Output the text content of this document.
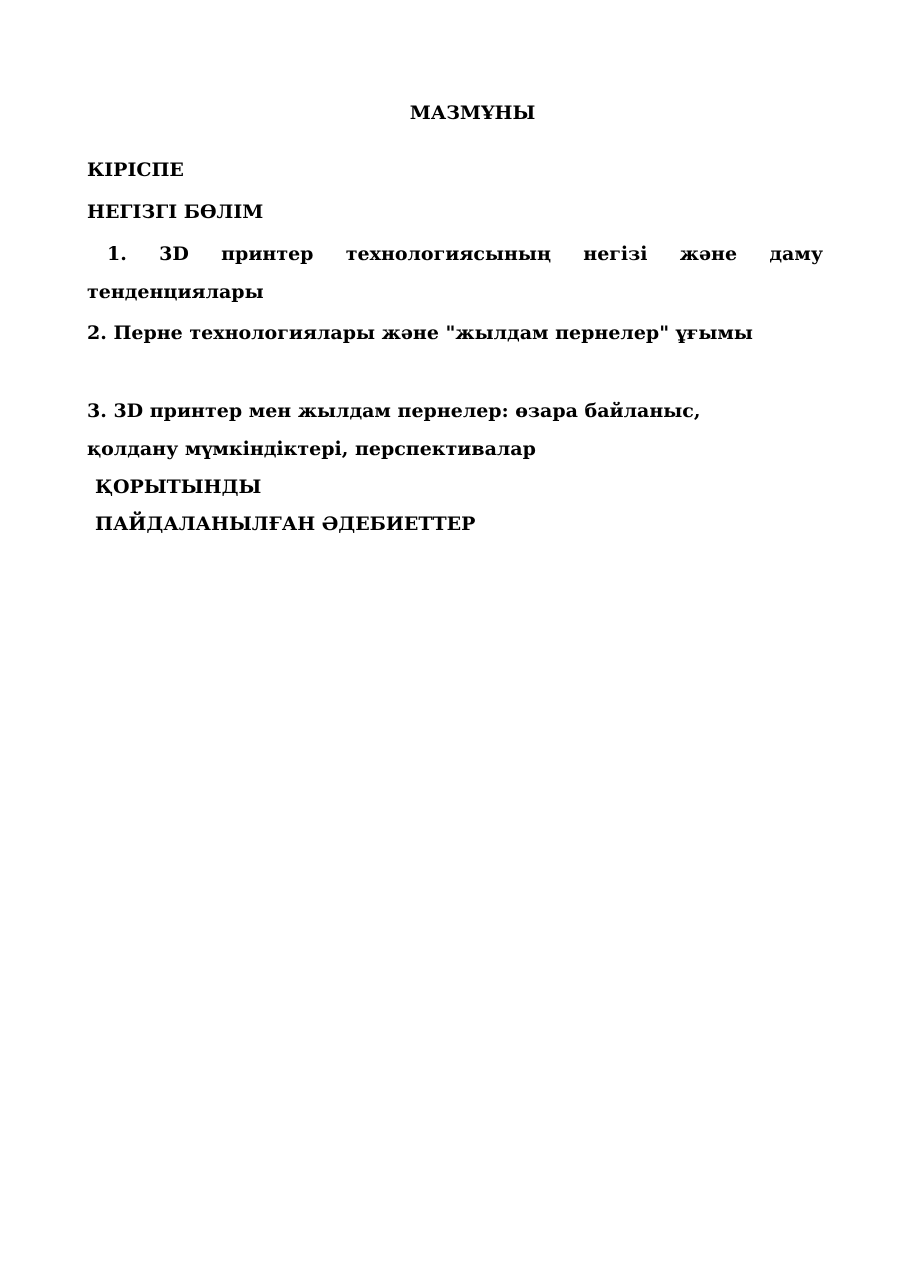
МАЗМҰНЫ

КІРІСПЕ

НЕГІЗГІ БӨЛІМ

1. 3D принтер технологиясының негізі және даму тенденциялары

2. Перне технологиялары және "жылдам пернелер" ұғымы

3. 3D принтер мен жылдам пернелер: өзара байланыс, қолдану мүмкіндіктері, перспективалар

ҚОРЫТЫНДЫ

ПАЙДАЛАНЫЛҒАН ӘДЕБИЕТТЕР
